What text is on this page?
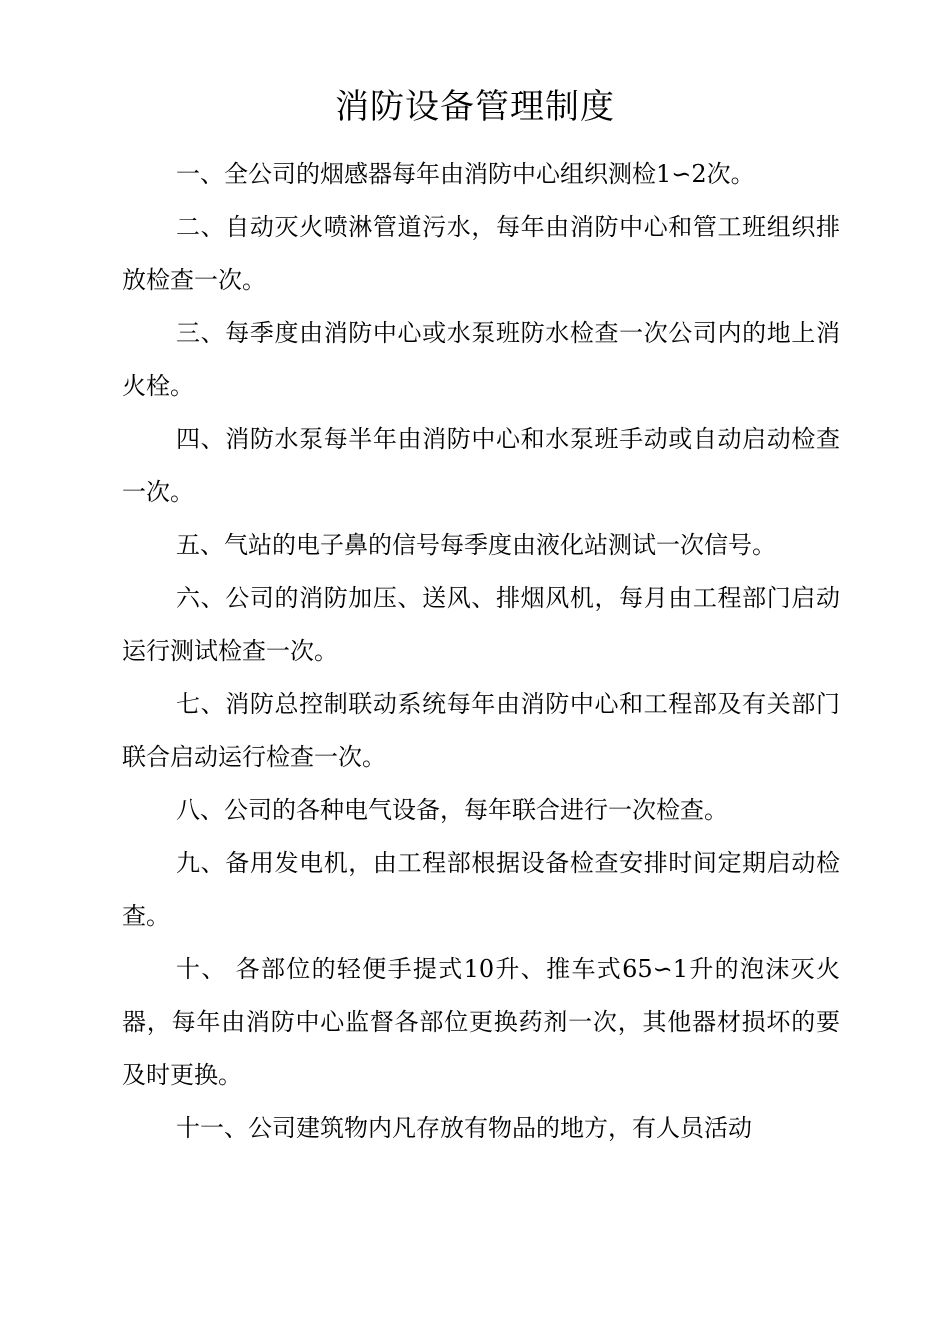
消防设备管理制度

一、全公司的烟感器每年由消防中心组织测检1∽2次。

二、自动灭火喷淋管道污水，每年由消防中心和管工班组织排放检查一次。

三、每季度由消防中心或水泵班防水检查一次公司内的地上消火栓。

四、消防水泵每半年由消防中心和水泵班手动或自动启动检查一次。

五、气站的电子鼻的信号每季度由液化站测试一次信号。

六、公司的消防加压、送风、排烟风机，每月由工程部门启动运行测试检查一次。

七、消防总控制联动系统每年由消防中心和工程部及有关部门联合启动运行检查一次。

八、公司的各种电气设备，每年联合进行一次检查。

九、备用发电机，由工程部根据设备检查安排时间定期启动检查。

十、 各部位的轻便手提式10升、推车式65∽1升的泡沫灭火器，每年由消防中心监督各部位更换药剂一次，其他器材损坏的要及时更换。

十一、公司建筑物内凡存放有物品的地方，有人员活动
